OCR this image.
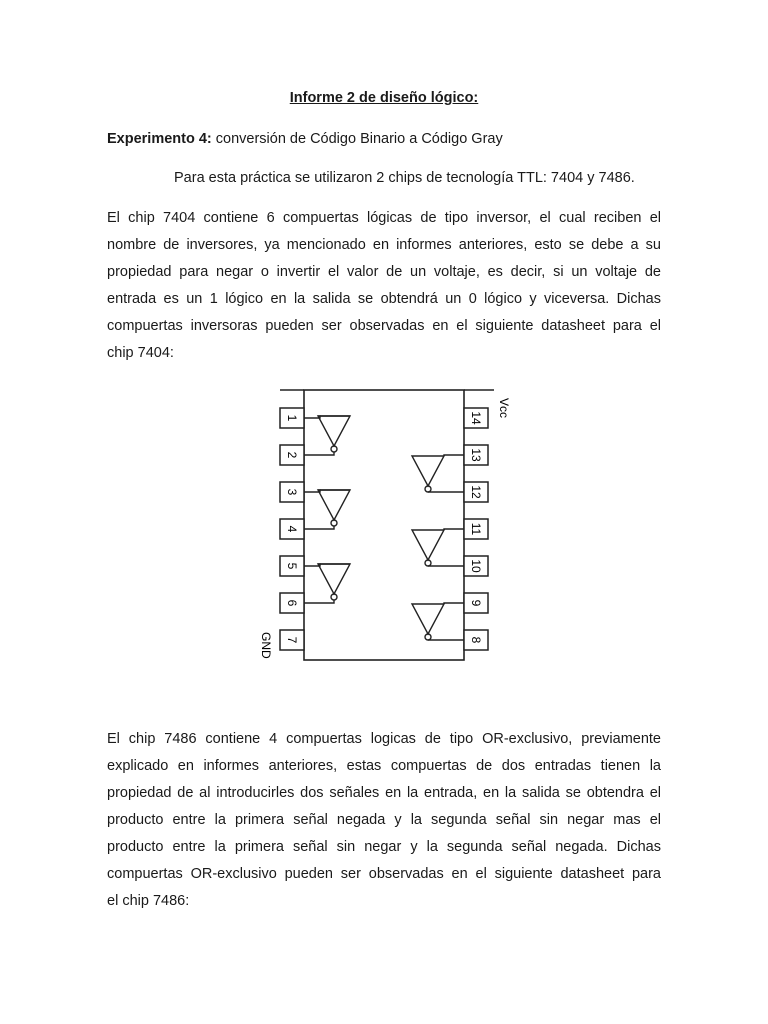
Informe 2 de diseño lógico:
Experimento 4: conversión de Código Binario a Código Gray
Para esta práctica se utilizaron 2 chips de tecnología TTL: 7404 y 7486.
El chip 7404 contiene 6 compuertas lógicas de tipo inversor, el cual reciben el
nombre de inversores, ya mencionado en informes anteriores, esto se debe a su
propiedad para negar o invertir el valor de un voltaje, es decir, si un voltaje de
entrada es un 1 lógico en la salida se obtendrá un 0 lógico y viceversa. Dichas
compuertas inversoras pueden ser observadas en el siguiente datasheet para el
chip 7404:
1
2
3
4
5
6
7
14
13
12
11
10
9
8
Vcc
GND
El chip 7486 contiene 4 compuertas logicas de tipo OR-exclusivo, previamente
explicado en informes anteriores, estas compuertas de dos entradas tienen la
propiedad de al introducirles dos señales en la entrada, en la salida se obtendra el
producto entre la primera señal negada y la segunda señal sin negar mas el
producto entre la primera señal sin negar y la segunda señal negada. Dichas
compuertas OR-exclusivo pueden ser observadas en el siguiente datasheet para
el chip 7486:
